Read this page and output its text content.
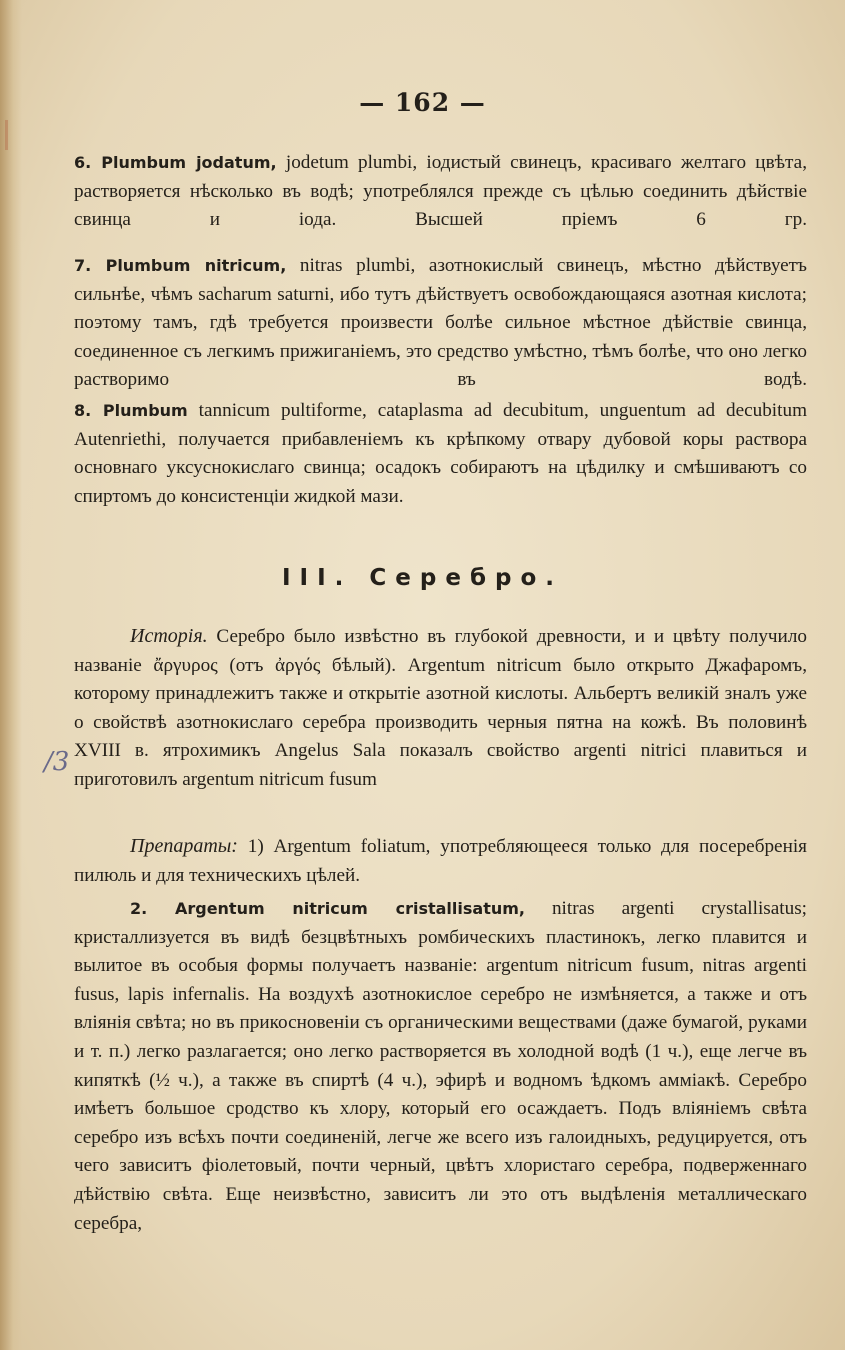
— 162 —
6. Plumbum jodatum, jodetum plumbi, іодистый свинецъ, красиваго желтаго цвѣта, растворяется нѣсколько въ водѣ; употреблялся прежде съ цѣлью соединить дѣйствіе свинца и іода. Высшей пріемъ 6 гр.
7. Plumbum nitricum, nitras plumbi, азотнокислый свинецъ, мѣстно дѣйствуетъ сильнѣе, чѣмъ sacharum saturni, ибо тутъ дѣйствуетъ освобождающаяся азотная кислота; поэтому тамъ, гдѣ требуется произвести болѣе сильное мѣстное дѣйствіе свинца, соединенное съ легкимъ прижиганіемъ, это средство умѣстно, тѣмъ болѣе, что оно легко растворимо въ водѣ.
8. Plumbum tannicum pultiforme, cataplasma ad decubitum, unguentum ad decubitum Autenriethi, получается прибавленіемъ къ крѣпкому отвару дубовой коры раствора основнаго уксуснокислаго свинца; осадокъ собираютъ на цѣдилку и смѣшиваютъ со спиртомъ до консистенціи жидкой мази.
III. Серебро.
Исторія. Серебро было извѣстно въ глубокой древности, и и цвѣту получило названіе ἄργυρος (отъ ἀργός бѣлый). Argentum nitricum было открыто Джафаромъ, которому принадлежитъ также и открытіе азотной кислоты. Альбертъ великій зналъ уже о свойствѣ азотнокислаго серебра производить черныя пятна на кожѣ. Въ половинѣ XVIII в. ятрохимикъ Angelus Sala показалъ свойство argenti nitrici плавиться и приготовилъ argentum nitricum fusum
/3
Препараты: 1) Argentum foliatum, употребляющееся только для посеребренія пилюль и для техническихъ цѣлей.
2. Argentum nitricum cristallisatum, nitras argenti crystallisatus; кристаллизуется въ видѣ безцвѣтныхъ ромбическихъ пластинокъ, легко плавится и вылитое въ особыя формы получаетъ названіе: argentum nitricum fusum, nitras argenti fusus, lapis infernalis. На воздухѣ азотнокислое серебро не измѣняется, а также и отъ вліянія свѣта; но въ прикосновеніи съ органическими веществами (даже бумагой, руками и т. п.) легко разлагается; оно легко растворяется въ холодной водѣ (1 ч.), еще легче въ кипяткѣ (½ ч.), а также въ спиртѣ (4 ч.), эфирѣ и водномъ ѣдкомъ амміакѣ. Серебро имѣетъ большое сродство къ хлору, который его осаждаетъ. Подъ вліяніемъ свѣта серебро изъ всѣхъ почти соединеній, легче же всего изъ галоидныхъ, редуцируется, отъ чего зависитъ фіолетовый, почти черный, цвѣтъ хлористаго серебра, подверженнаго дѣйствію свѣта. Еще неизвѣстно, зависитъ ли это отъ выдѣленія металлическаго серебра,
